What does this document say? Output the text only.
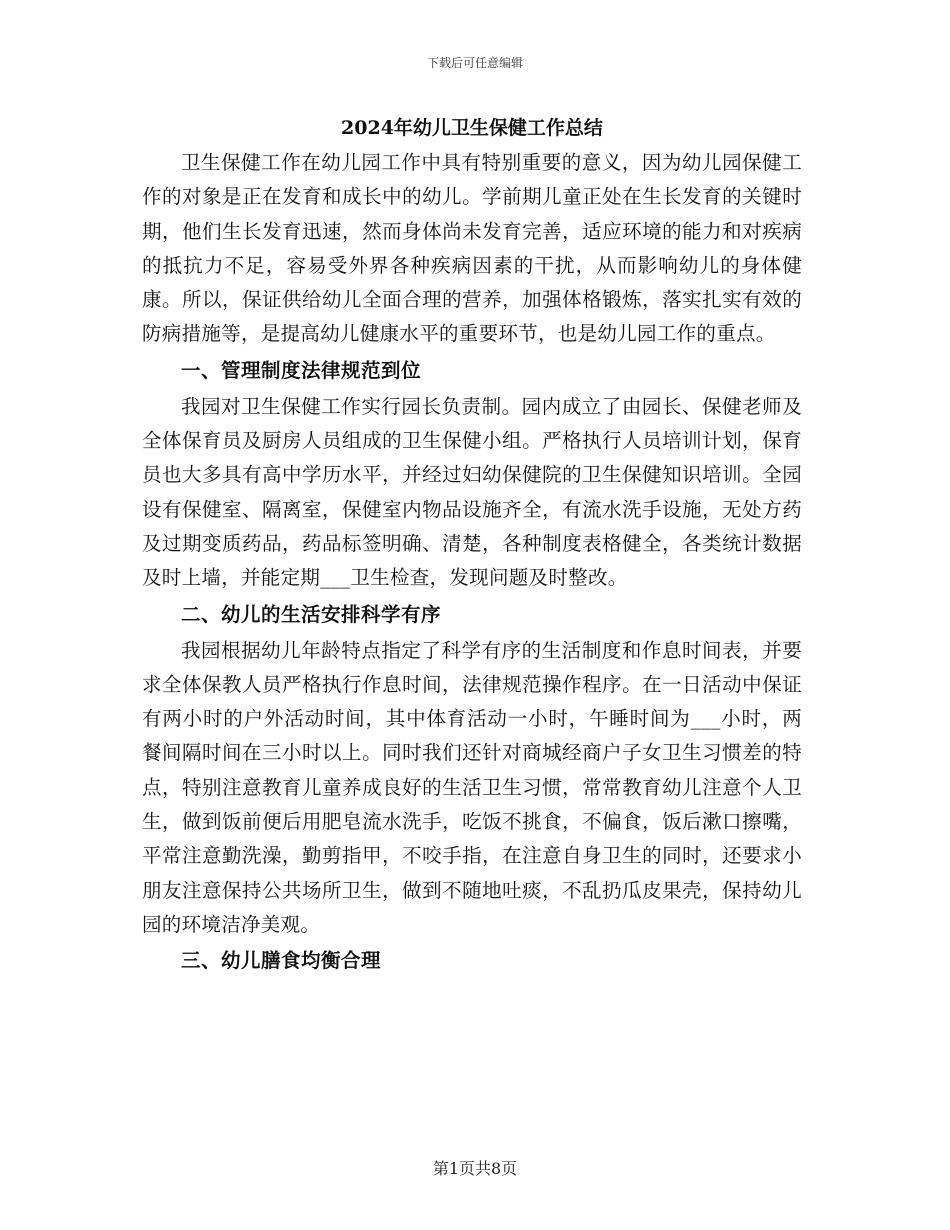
下载后可任意编辑
2024年幼儿卫生保健工作总结

卫生保健工作在幼儿园工作中具有特别重要的意义，因为幼儿园保健工作的对象是正在发育和成长中的幼儿。学前期儿童正处在生长发育的关键时期，他们生长发育迅速，然而身体尚未发育完善，适应环境的能力和对疾病的抵抗力不足，容易受外界各种疾病因素的干扰，从而影响幼儿的身体健康。所以，保证供给幼儿全面合理的营养，加强体格锻炼，落实扎实有效的防病措施等，是提高幼儿健康水平的重要环节，也是幼儿园工作的重点。

一、管理制度法律规范到位

我园对卫生保健工作实行园长负责制。园内成立了由园长、保健老师及全体保育员及厨房人员组成的卫生保健小组。严格执行人员培训计划，保育员也大多具有高中学历水平，并经过妇幼保健院的卫生保健知识培训。全园设有保健室、隔离室，保健室内物品设施齐全，有流水洗手设施，无处方药及过期变质药品，药品标签明确、清楚，各种制度表格健全，各类统计数据及时上墙，并能定期___卫生检查，发现问题及时整改。

二、幼儿的生活安排科学有序

我园根据幼儿年龄特点指定了科学有序的生活制度和作息时间表，并要求全体保教人员严格执行作息时间，法律规范操作程序。在一日活动中保证有两小时的户外活动时间，其中体育活动一小时，午睡时间为___小时，两餐间隔时间在三小时以上。同时我们还针对商城经商户子女卫生习惯差的特点，特别注意教育儿童养成良好的生活卫生习惯，常常教育幼儿注意个人卫生，做到饭前便后用肥皂流水洗手，吃饭不挑食，不偏食，饭后漱口擦嘴，平常注意勤洗澡，勤剪指甲，不咬手指，在注意自身卫生的同时，还要求小朋友注意保持公共场所卫生，做到不随地吐痰，不乱扔瓜皮果壳，保持幼儿园的环境洁净美观。

三、幼儿膳食均衡合理

第1页共8页
